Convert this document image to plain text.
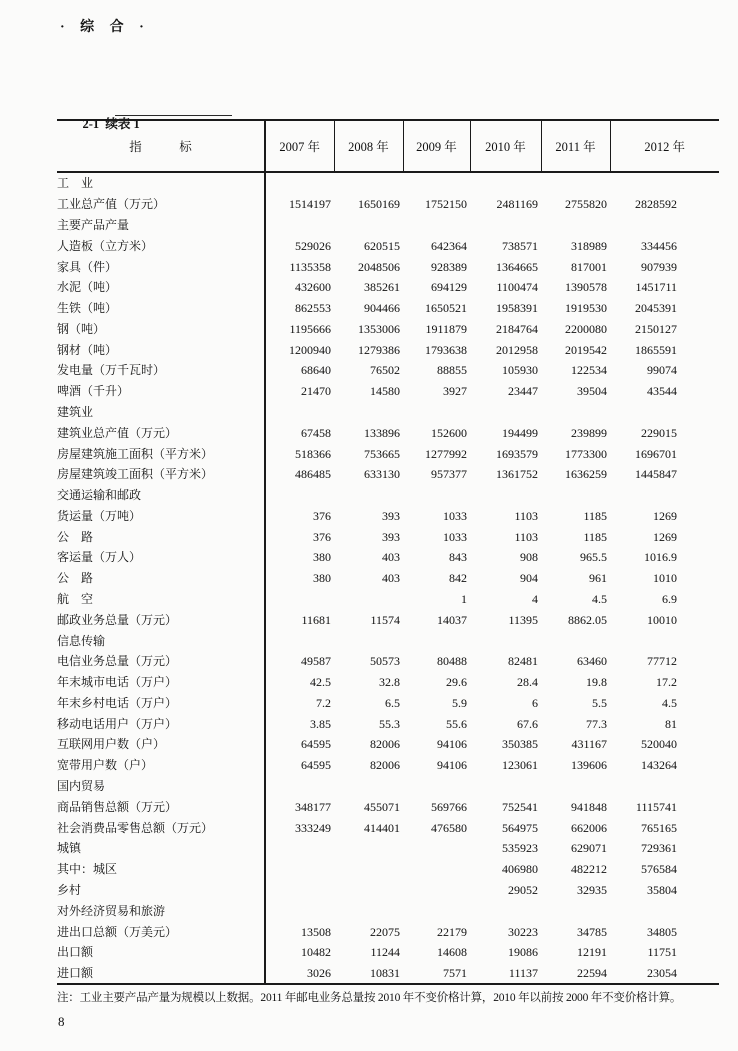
· 综 合 ·

2-1  续表 1

指　　　标	2007 年	2008 年	2009 年	2010 年	2011 年	2012 年
工　业						
工业总产值（万元）	1514197	1650169	1752150	2481169	2755820	2828592
主要产品产量						
人造板（立方米）	529026	620515	642364	738571	318989	334456
家具（件）	1135358	2048506	928389	1364665	817001	907939
水泥（吨）	432600	385261	694129	1100474	1390578	1451711
生铁（吨）	862553	904466	1650521	1958391	1919530	2045391
钢（吨）	1195666	1353006	1911879	2184764	2200080	2150127
钢材（吨）	1200940	1279386	1793638	2012958	2019542	1865591
发电量（万千瓦时）	68640	76502	88855	105930	122534	99074
啤酒（千升）	21470	14580	3927	23447	39504	43544
建筑业						
建筑业总产值（万元）	67458	133896	152600	194499	239899	229015
房屋建筑施工面积（平方米）	518366	753665	1277992	1693579	1773300	1696701
房屋建筑竣工面积（平方米）	486485	633130	957377	1361752	1636259	1445847
交通运输和邮政						
货运量（万吨）	376	393	1033	1103	1185	1269
公　路	376	393	1033	1103	1185	1269
客运量（万人）	380	403	843	908	965.5	1016.9
公　路	380	403	842	904	961	1010
航　空			1	4	4.5	6.9
邮政业务总量（万元）	11681	11574	14037	11395	8862.05	10010
信息传输						
电信业务总量（万元）	49587	50573	80488	82481	63460	77712
年末城市电话（万户）	42.5	32.8	29.6	28.4	19.8	17.2
年末乡村电话（万户）	7.2	6.5	5.9	6	5.5	4.5
移动电话用户（万户）	3.85	55.3	55.6	67.6	77.3	81
互联网用户数（户）	64595	82006	94106	350385	431167	520040
宽带用户数（户）	64595	82006	94106	123061	139606	143264
国内贸易						
商品销售总额（万元）	348177	455071	569766	752541	941848	1115741
社会消费品零售总额（万元）	333249	414401	476580	564975	662006	765165
城镇				535923	629071	729361
其中：城区				406980	482212	576584
乡村				29052	32935	35804
对外经济贸易和旅游						
进出口总额（万美元）	13508	22075	22179	30223	34785	34805
出口额	10482	11244	14608	19086	12191	11751
进口额	3026	10831	7571	11137	22594	23054
注：工业主要产品产量为规模以上数据。2011 年邮电业务总量按 2010 年不变价格计算，2010 年以前按 2000 年不变价格计算。
8
